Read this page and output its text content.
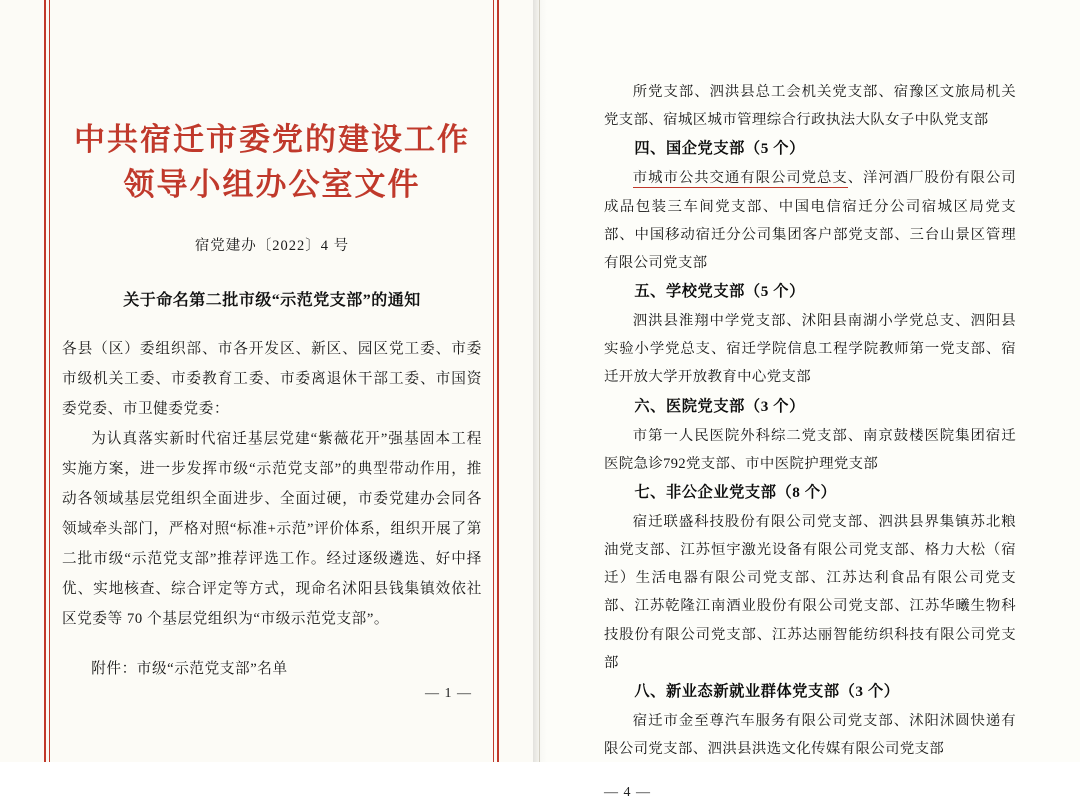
中共宿迁市委党的建设工作
领导小组办公室文件
宿党建办〔2022〕4 号
关于命名第二批市级“示范党支部”的通知

各县（区）委组织部、市各开发区、新区、园区党工委、市委市级机关工委、市委教育工委、市委离退休干部工委、市国资委党委、市卫健委党委：

为认真落实新时代宿迁基层党建“紫薇花开”强基固本工程实施方案，进一步发挥市级“示范党支部”的典型带动作用，推动各领域基层党组织全面进步、全面过硬，市委党建办会同各领域牵头部门，严格对照“标准+示范”评价体系，组织开展了第二批市级“示范党支部”推荐评选工作。经过逐级遴选、好中择优、实地核查、综合评定等方式，现命名沭阳县钱集镇效依社区党委等 70 个基层党组织为“市级示范党支部”。

附件：市级“示范党支部”名单
— 1 —

所党支部、泗洪县总工会机关党支部、宿豫区文旅局机关党支部、宿城区城市管理综合行政执法大队女子中队党支部

四、国企党支部（5 个）

市城市公共交通有限公司党总支、洋河酒厂股份有限公司成品包装三车间党支部、中国电信宿迁分公司宿城区局党支部、中国移动宿迁分公司集团客户部党支部、三台山景区管理有限公司党支部

五、学校党支部（5 个）

泗洪县淮翔中学党支部、沭阳县南湖小学党总支、泗阳县实验小学党总支、宿迁学院信息工程学院教师第一党支部、宿迁开放大学开放教育中心党支部

六、医院党支部（3 个）

市第一人民医院外科综二党支部、南京鼓楼医院集团宿迁医院急诊792党支部、市中医院护理党支部

七、非公企业党支部（8 个）

宿迁联盛科技股份有限公司党支部、泗洪县界集镇苏北粮油党支部、江苏恒宇激光设备有限公司党支部、格力大松（宿迁）生活电器有限公司党支部、江苏达利食品有限公司党支部、江苏乾隆江南酒业股份有限公司党支部、江苏华曦生物科技股份有限公司党支部、江苏达丽智能纺织科技有限公司党支部

八、新业态新就业群体党支部（3 个）

宿迁市金至尊汽车服务有限公司党支部、沭阳沭圆快递有限公司党支部、泗洪县洪选文化传媒有限公司党支部

— 4 —
